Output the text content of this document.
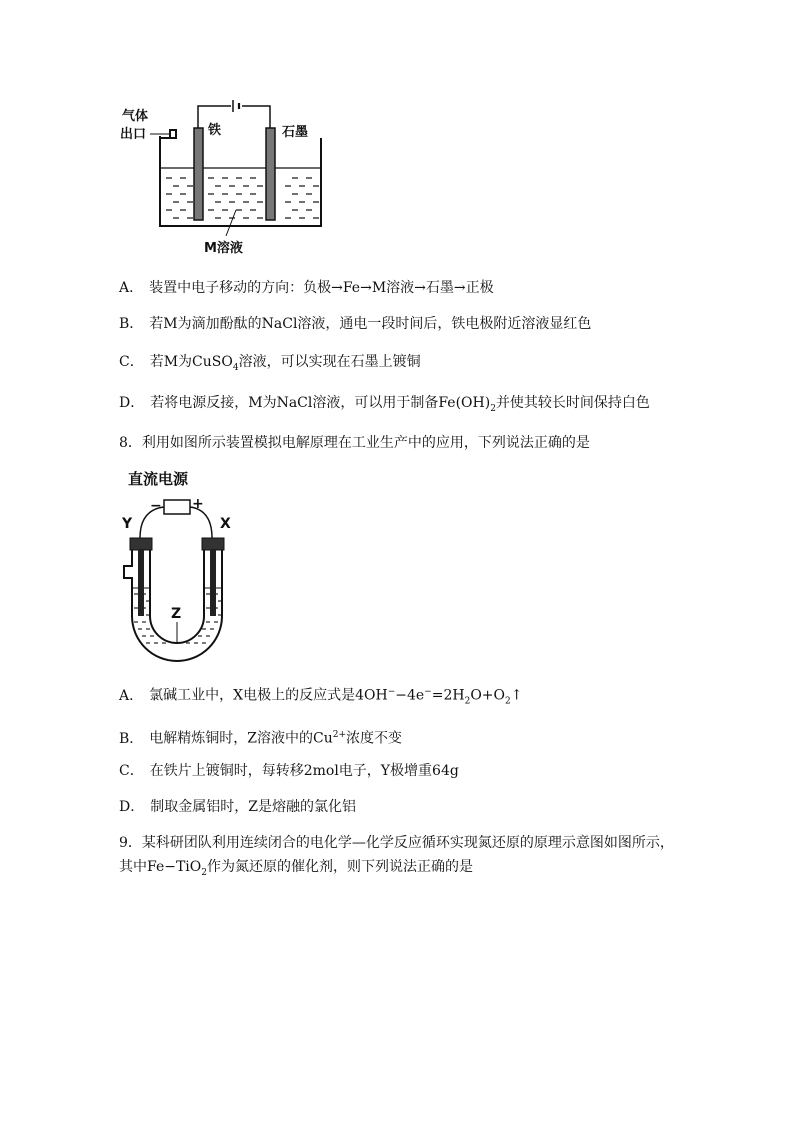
气体
出口	铁	石墨
M溶液
A． 装置中电子移动的方向：负极→Fe→M溶液→石墨→正极
B． 若M为滴加酚酞的NaCl溶液，通电一段时间后，铁电极附近溶液显红色
C． 若M为CuSO$_4$溶液，可以实现在石墨上镀铜
D． 若将电源反接，M为NaCl溶液，可以用于制备$Fe(OH)_2$并使其较长时间保持白色
8．利用如图所示装置模拟电解原理在工业生产中的应用，下列说法正确的是
直流电源
− +
Y	X
Z
A． 氯碱工业中，X电极上的反应式是$4OH^--4e^-=2H_2O+O_2↑$
B． 电解精炼铜时，Z溶液中的$Cu^{2+}$浓度不变
C． 在铁片上镀铜时，每转移2mol电子，Y极增重64g
D． 制取金属铝时，Z是熔融的氯化铝
9．某科研团队利用连续闭合的电化学—化学反应循环实现氮还原的原理示意图如图所示，
其中Fe−TiO$_2$作为氮还原的催化剂，则下列说法正确的是
